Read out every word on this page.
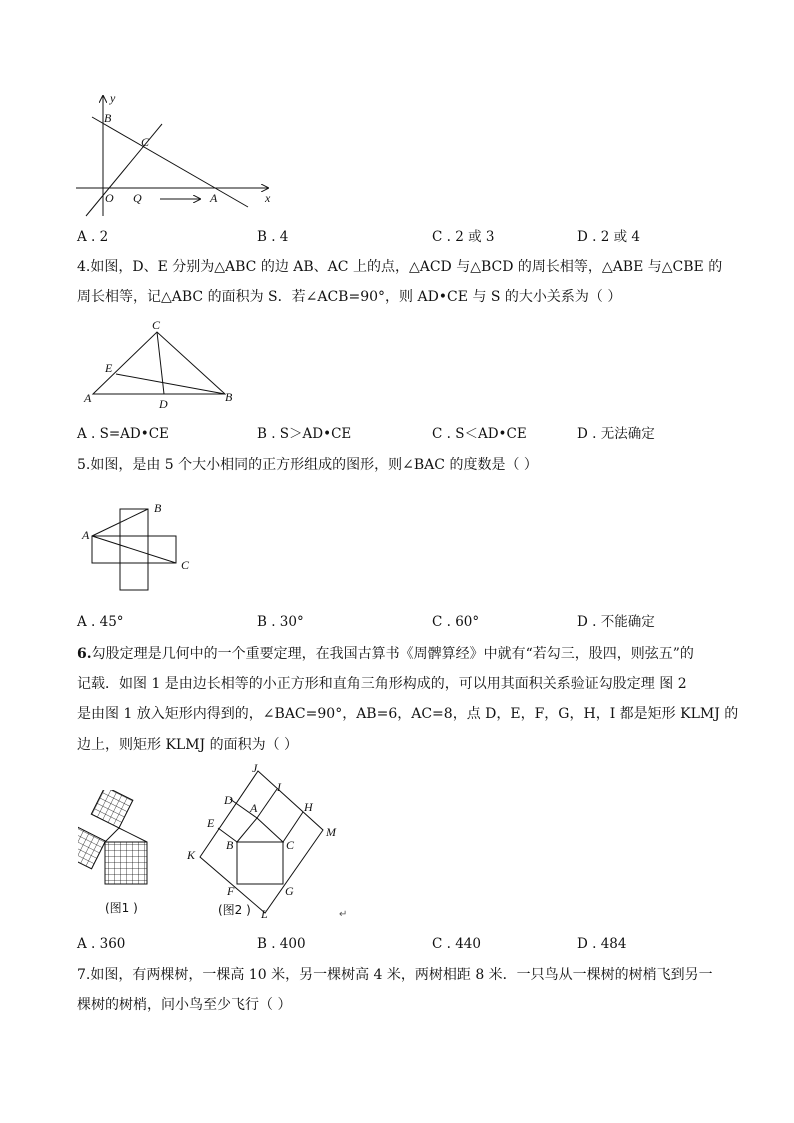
y
B
C
O Q	A	x
A . 2	B . 4	C . 2 或 3	D . 2 或 4
4.如图，D、E 分别为△ABC 的边 AB、AC 上的点，△ACD 与△BCD 的周长相等，△ABE 与△CBE 的
周长相等，记△ABC 的面积为 S．若∠ACB=90°，则 AD•CE 与 S 的大小关系为（ ）
C
E
A	D	B
A . S=AD•CE	B . S＞AD•CE	C . S＜AD•CE	D . 无法确定
5.如图，是由 5 个大小相同的正方形组成的图形，则∠BAC 的度数是（ ）
A
B
C
A . 45°	B . 30°	C . 60°	D . 不能确定
6.勾股定理是几何中的一个重要定理，在我国古算书《周髀算经》中就有“若勾三，股四，则弦五”的
记载．如图 1 是由边长相等的小正方形和直角三角形构成的，可以用其面积关系验证勾股定理 图 2
是由图 1 放入矩形内得到的，∠BAC=90°，AB=6，AC=8，点 D，E，F，G，H，I 都是矩形 KLMJ 的
边上，则矩形 KLMJ 的面积为（ ）
(图1 )
J
I
D
A	H
E
M
B	C
K
F	G
L
(图2 )	↵
A . 360	B . 400	C . 440	D . 484
7.如图，有两棵树，一棵高 10 米，另一棵树高 4 米，两树相距 8 米．一只鸟从一棵树的树梢飞到另一
棵树的树梢，问小鸟至少飞行（ ）
